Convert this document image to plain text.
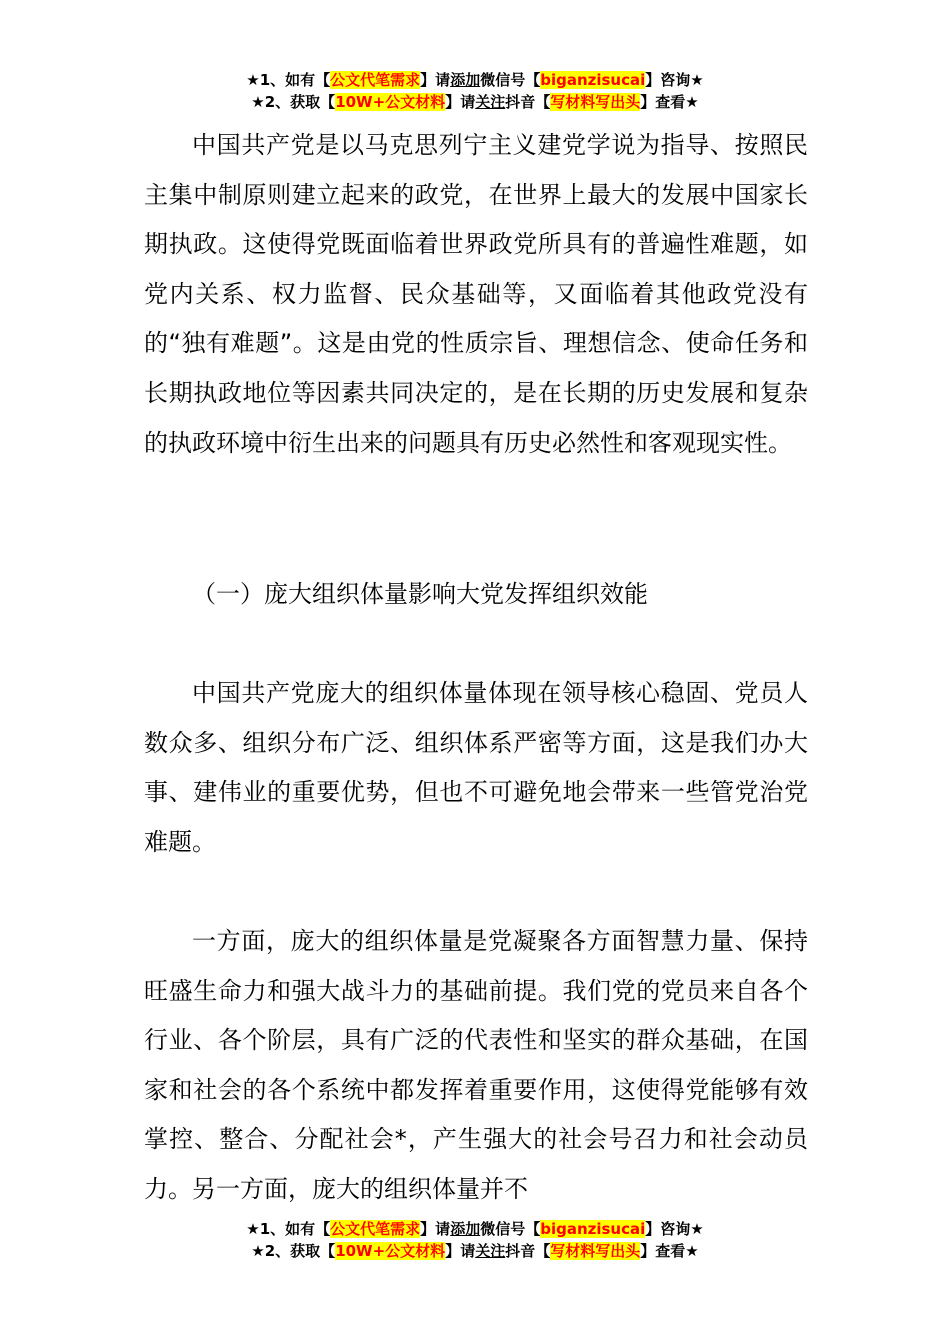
★1、如有【公文代笔需求】请添加微信号【biganzisucai】咨询★
★2、获取【10W+公文材料】请关注抖音【写材料写出头】查看★

中国共产党是以马克思列宁主义建党学说为指导、按照民主集中制原则建立起来的政党，在世界上最大的发展中国家长期执政。这使得党既面临着世界政党所具有的普遍性难题，如党内关系、权力监督、民众基础等，又面临着其他政党没有的“独有难题”。这是由党的性质宗旨、理想信念、使命任务和长期执政地位等因素共同决定的，是在长期的历史发展和复杂的执政环境中衍生出来的问题具有历史必然性和客观现实性。

（一）庞大组织体量影响大党发挥组织效能

中国共产党庞大的组织体量体现在领导核心稳固、党员人数众多、组织分布广泛、组织体系严密等方面，这是我们办大事、建伟业的重要优势，但也不可避免地会带来一些管党治党难题。

一方面，庞大的组织体量是党凝聚各方面智慧力量、保持旺盛生命力和强大战斗力的基础前提。我们党的党员来自各个行业、各个阶层，具有广泛的代表性和坚实的群众基础，在国家和社会的各个系统中都发挥着重要作用，这使得党能够有效掌控、整合、分配社会*，产生强大的社会号召力和社会动员力。另一方面，庞大的组织体量并不

★1、如有【公文代笔需求】请添加微信号【biganzisucai】咨询★
★2、获取【10W+公文材料】请关注抖音【写材料写出头】查看★
